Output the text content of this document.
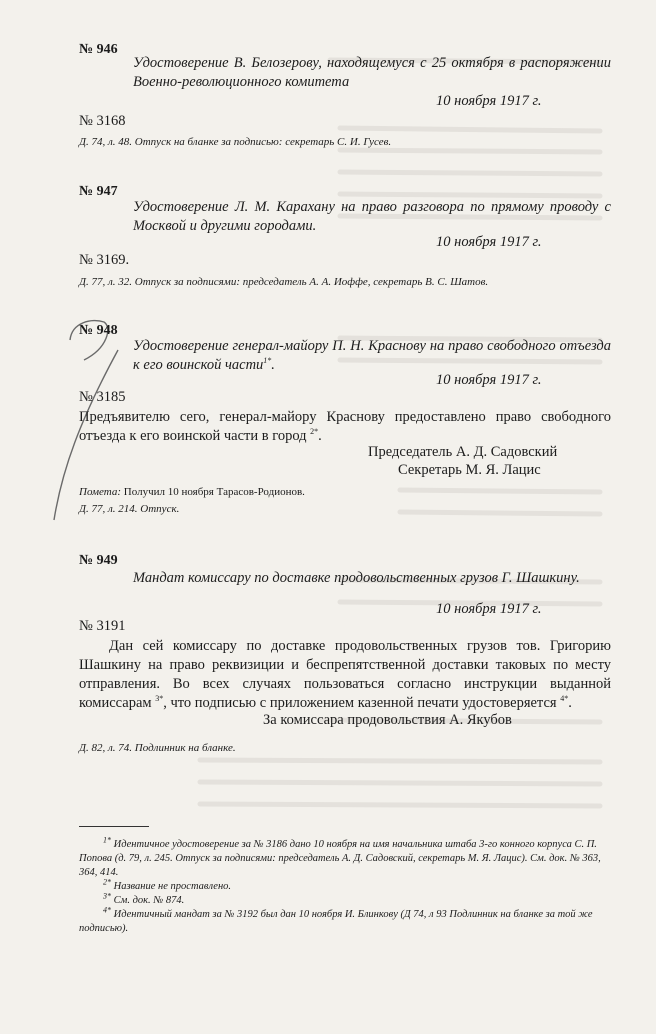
№ 946
Удостоверение В. Белозерову, находящемуся с 25 октября в распоряжении Военно-революционного комитета
10 ноября 1917 г.
№ 3168
Д. 74, л. 48. Отпуск на бланке за подписью: секретарь С. И. Гусев.
№ 947
Удостоверение Л. М. Карахану на право разговора по прямому проводу с Москвой и другими городами.
10 ноября 1917 г.
№ 3169.
Д. 77, л. 32. Отпуск за подписями: председатель А. А. Иоффе, секретарь В. С. Шатов.
№ 948
Удостоверение генерал-майору П. Н. Краснову на право свободного отъезда к его воинской части$^{1*}$.
10 ноября 1917 г.
№ 3185
Предъявителю сего, генерал-майору Краснову предоставлено право свободного отъезда к его воинской части в город $^{2*}$.
Председатель А. Д. Садовский
Секретарь М. Я. Лацис
Помета: Получил 10 ноября Тарасов-Родионов.
Д. 77, л. 214. Отпуск.
№ 949
Мандат комиссару по доставке продовольственных грузов Г. Шашкину.
10 ноября 1917 г.
№ 3191
Дан сей комиссару по доставке продовольственных грузов тов. Григорию Шашкину на право реквизиции и беспрепятственной доставки таковых по месту отправления. Во всех случаях пользоваться согласно инструкции выданной комиссарам $^{3*}$, что подписью с приложением казенной печати удостоверяется $^{4*}$.
За комиссара продовольствия А. Якубов
Д. 82, л. 74. Подлинник на бланке.
$^{1*}$ Идентичное удостоверение за № 3186 дано 10 ноября на имя начальника штаба 3-го конного корпуса С. П. Попова (д. 79, л. 245. Отпуск за подписями: председатель А. Д. Садовский, секретарь М. Я. Лацис). См. док. № 363, 364, 414.
$^{2*}$ Название не проставлено.
$^{3*}$ См. док. № 874.
$^{4*}$ Идентичный мандат за № 3192 был дан 10 ноября И. Блинкову (Д 74, л 93 Подлинник на бланке за той же подписью).
